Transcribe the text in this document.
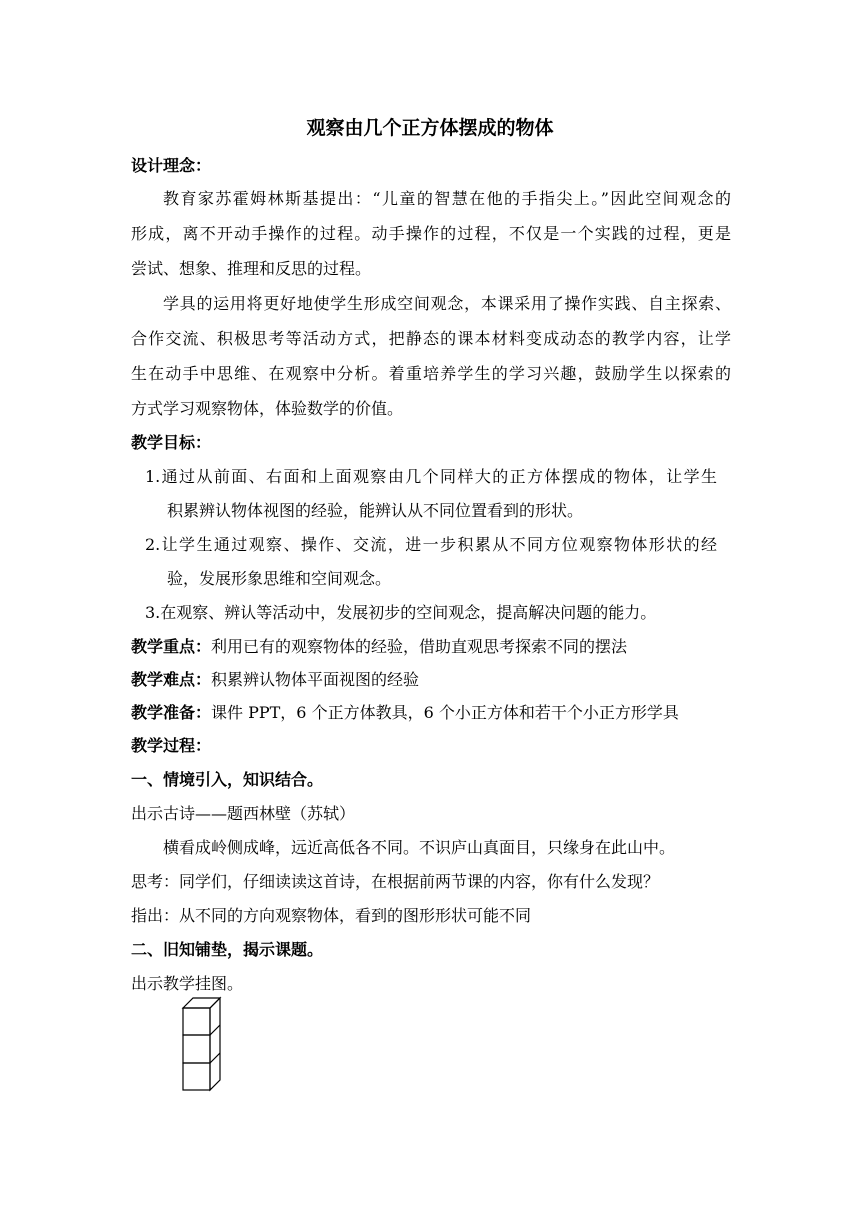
观察由几个正方体摆成的物体
设计理念：
教育家苏霍姆林斯基提出：“儿童的智慧在他的手指尖上。”因此空间观念的
形成，离不开动手操作的过程。动手操作的过程，不仅是一个实践的过程，更是
尝试、想象、推理和反思的过程。
学具的运用将更好地使学生形成空间观念，本课采用了操作实践、自主探索、
合作交流、积极思考等活动方式，把静态的课本材料变成动态的教学内容，让学
生在动手中思维、在观察中分析。着重培养学生的学习兴趣，鼓励学生以探索的
方式学习观察物体，体验数学的价值。
教学目标：
1.通过从前面、右面和上面观察由几个同样大的正方体摆成的物体，让学生
积累辨认物体视图的经验，能辨认从不同位置看到的形状。
2.让学生通过观察、操作、交流，进一步积累从不同方位观察物体形状的经
验，发展形象思维和空间观念。
3.在观察、辨认等活动中，发展初步的空间观念，提高解决问题的能力。
教学重点：利用已有的观察物体的经验，借助直观思考探索不同的摆法
教学难点：积累辨认物体平面视图的经验
教学准备：课件 PPT，6 个正方体教具，6 个小正方体和若干个小正方形学具
教学过程：
一、情境引入，知识结合。
出示古诗——题西林壁（苏轼）
横看成岭侧成峰，远近高低各不同。不识庐山真面目，只缘身在此山中。
思考：同学们，仔细读读这首诗，在根据前两节课的内容，你有什么发现？
指出：从不同的方向观察物体，看到的图形形状可能不同
二、旧知铺垫，揭示课题。
出示教学挂图。
